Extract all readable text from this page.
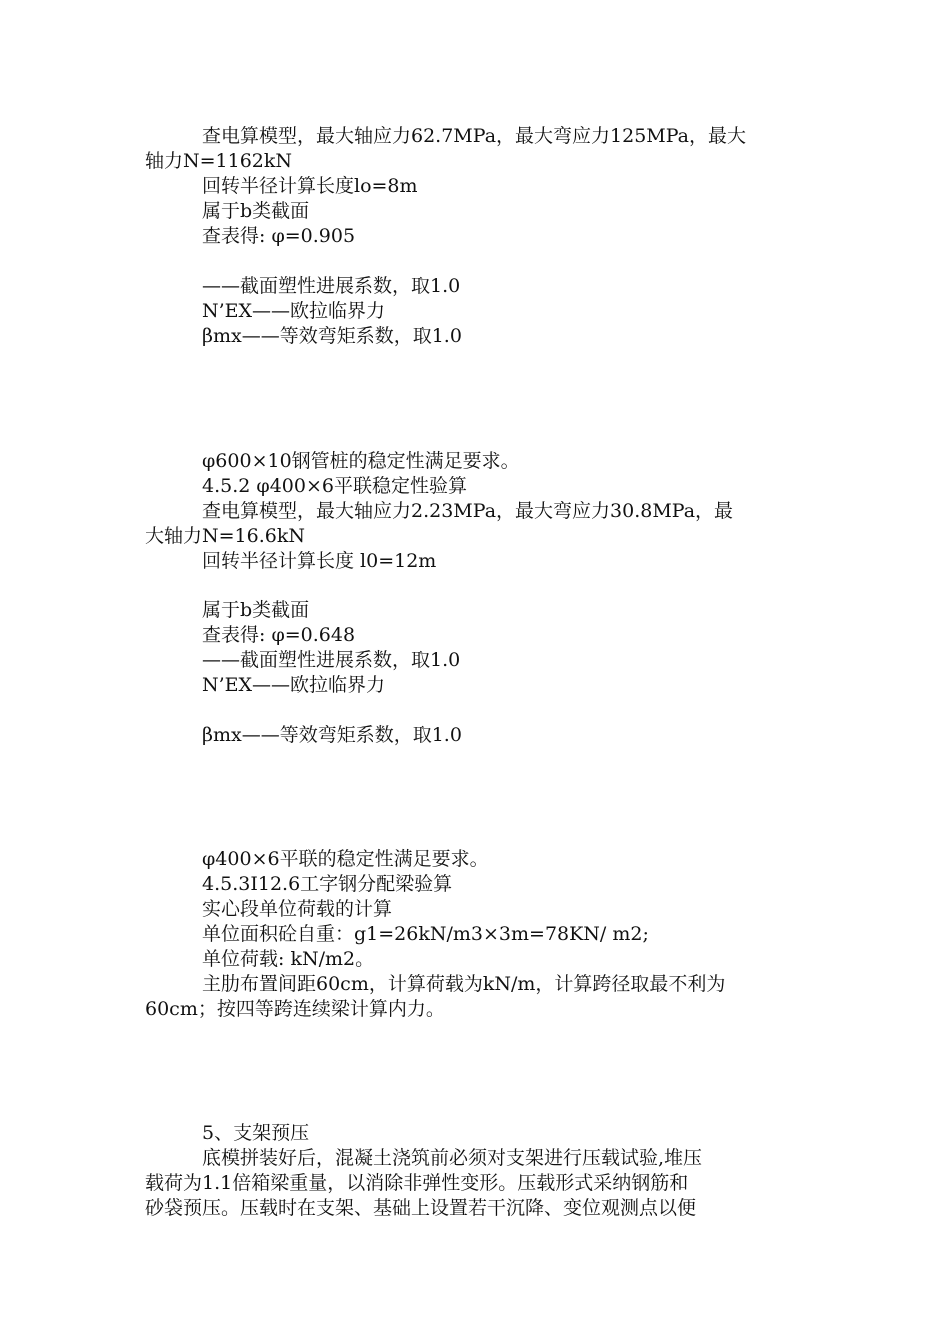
查电算模型，最大轴应力62.7MPa，最大弯应力125MPa，最大
轴力N=1162kN
回转半径计算长度lo=8m
属于b类截面
查表得: φ=0.905
——截面塑性进展系数，取1.0
N’EX——欧拉临界力
βmx——等效弯矩系数，取1.0
φ600×10钢管桩的稳定性满足要求。
4.5.2 φ400×6平联稳定性验算
查电算模型，最大轴应力2.23MPa，最大弯应力30.8MPa，最
大轴力N=16.6kN
回转半径计算长度 l0=12m
属于b类截面
查表得: φ=0.648
——截面塑性进展系数，取1.0
N’EX——欧拉临界力
βmx——等效弯矩系数，取1.0
φ400×6平联的稳定性满足要求。
4.5.3I12.6工字钢分配梁验算
实心段单位荷载的计算
单位面积砼自重：g1=26kN/m3×3m=78KN/ m2;
单位荷载: kN/m2。
主肋布置间距60cm，计算荷载为kN/m，计算跨径取最不利为
60cm；按四等跨连续梁计算内力。
5、支架预压
底模拼装好后，混凝土浇筑前必须对支架进行压载试验,堆压
载荷为1.1倍箱梁重量，以消除非弹性变形。压载形式采纳钢筋和
砂袋预压。压载时在支架、基础上设置若干沉降、变位观测点以便
